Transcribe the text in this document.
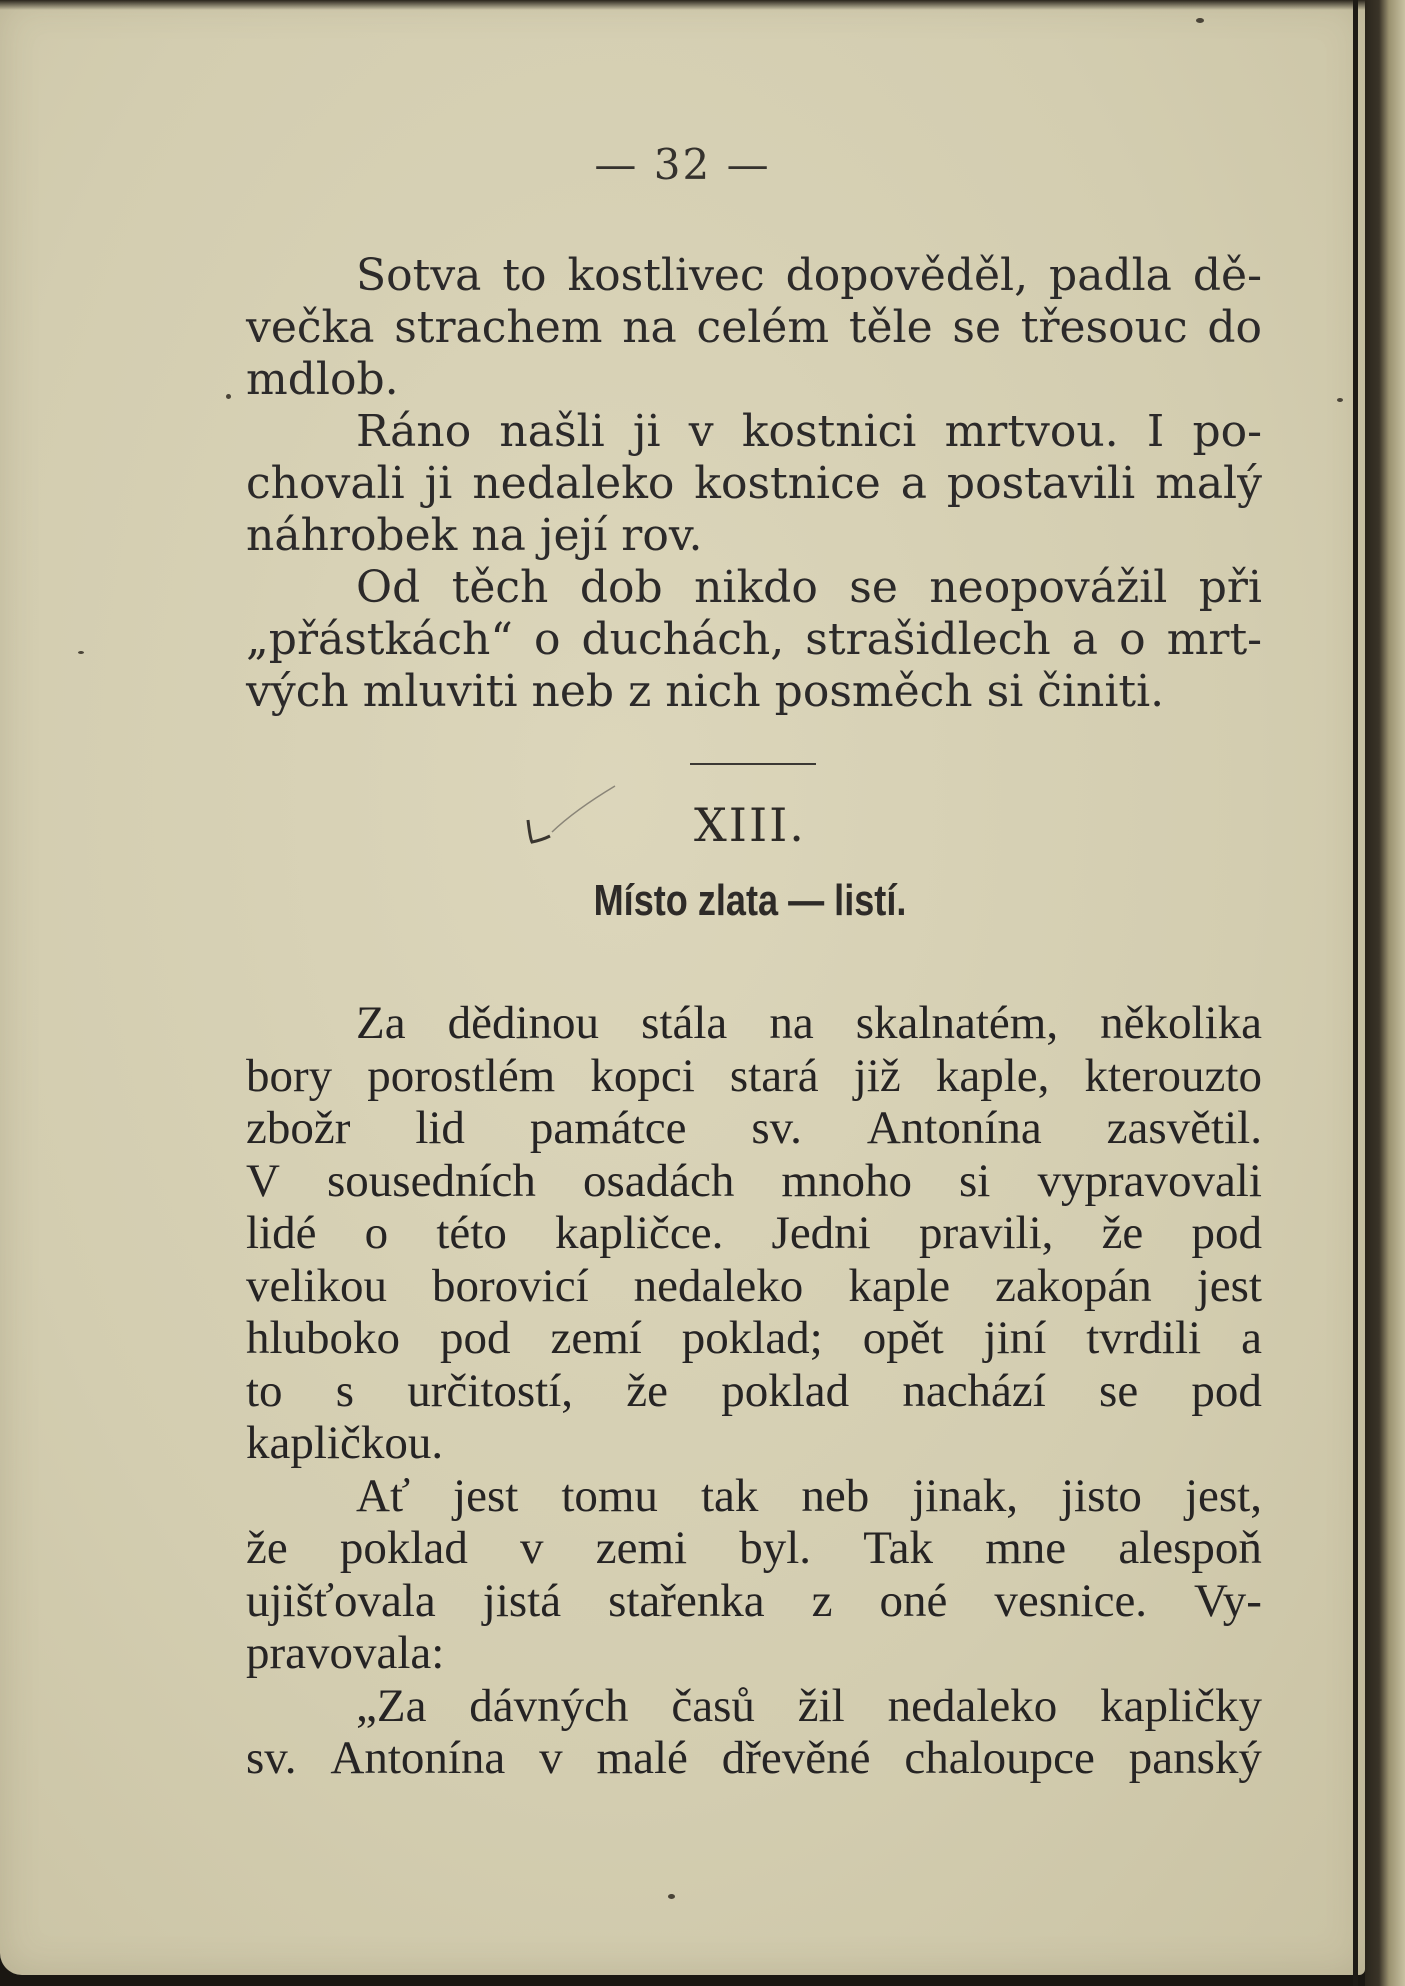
— 32 —
Sotva to kostlivec dopověděl, padla dě-
večka strachem na celém těle se třesouc do
mdlob.
Ráno našli ji v kostnici mrtvou. I po-
chovali ji nedaleko kostnice a postavili malý
náhrobek na její rov.
Od těch dob nikdo se neopovážil při
„přástkách“ o duchách, strašidlech a o mrt-
vých mluviti neb z nich posměch si činiti.
XIII.
Místo zlata — listí.
Za dědinou stála na skalnatém, několika
bory porostlém kopci stará již kaple, kterouzto
zbožr lid památce sv. Antonína zasvětil.
V sousedních osadách mnoho si vypravovali
lidé o této kapličce. Jedni pravili, že pod
velikou borovicí nedaleko kaple zakopán jest
hluboko pod zemí poklad; opět jiní tvrdili a
to s určitostí, že poklad nachází se pod
kapličkou.
Ať jest tomu tak neb jinak, jisto jest,
že poklad v zemi byl. Tak mne alespoň
ujišťovala jistá stařenka z oné vesnice. Vy-
pravovala:
„Za dávných časů žil nedaleko kapličky
sv. Antonína v malé dřevěné chaloupce panský
